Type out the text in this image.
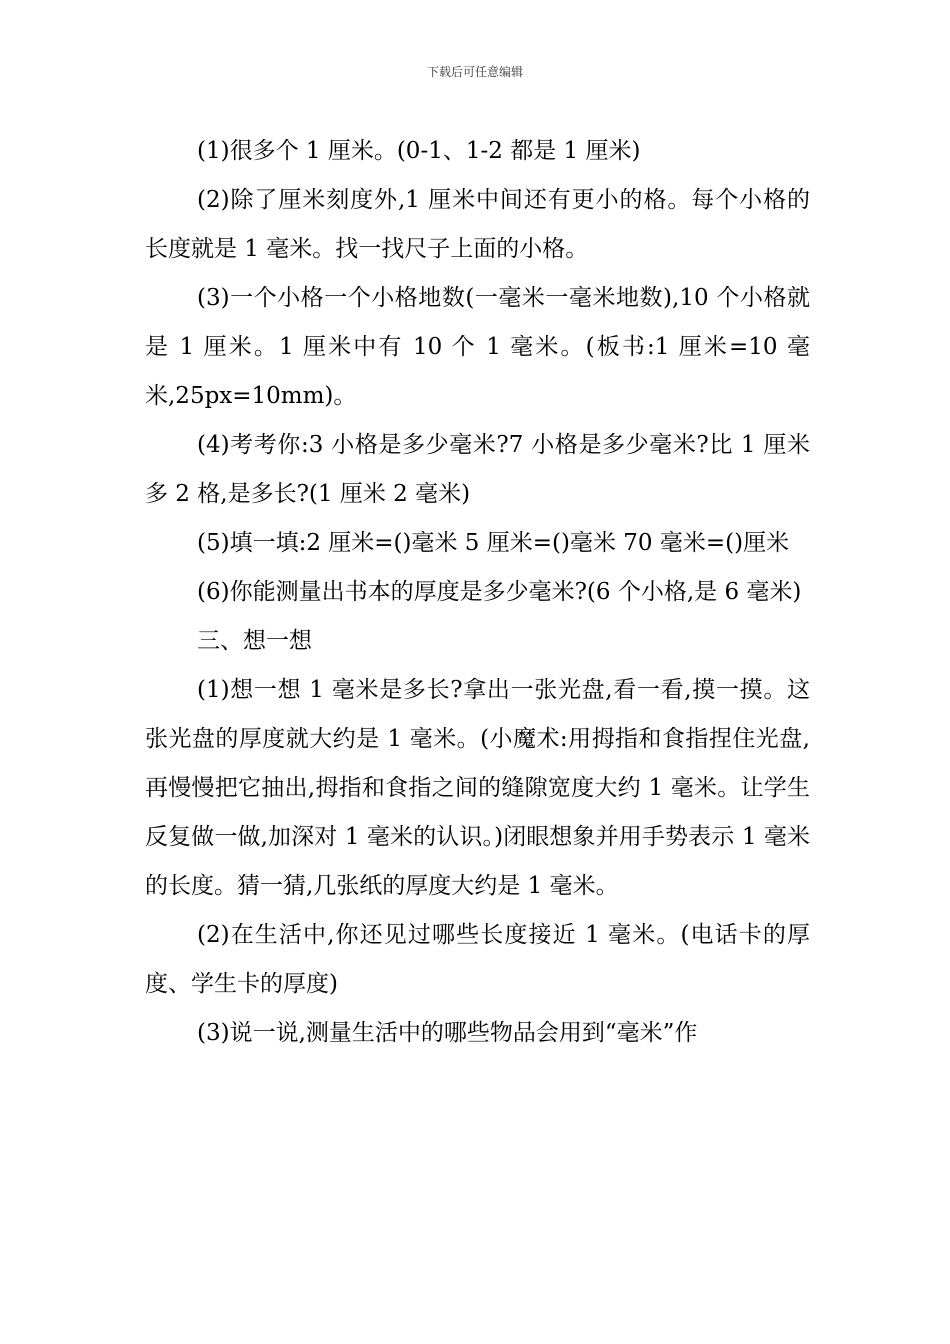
下载后可任意编辑

(1)很多个 1 厘米。(0-1、1-2 都是 1 厘米)

(2)除了厘米刻度外,1 厘米中间还有更小的格。每个小格的长度就是 1 毫米。找一找尺子上面的小格。

(3)一个小格一个小格地数(一毫米一毫米地数),10 个小格就是 1 厘米。1 厘米中有 10 个 1 毫米。(板书:1 厘米=10 毫米,25px=10mm)。

(4)考考你:3 小格是多少毫米?7 小格是多少毫米?比 1 厘米多 2 格,是多长?(1 厘米 2 毫米)

(5)填一填:2 厘米=()毫米 5 厘米=()毫米 70 毫米=()厘米

(6)你能测量出书本的厚度是多少毫米?(6 个小格,是 6 毫米)

三、想一想

(1)想一想 1 毫米是多长?拿出一张光盘,看一看,摸一摸。这张光盘的厚度就大约是 1 毫米。(小魔术:用拇指和食指捏住光盘,再慢慢把它抽出,拇指和食指之间的缝隙宽度大约 1 毫米。让学生反复做一做,加深对 1 毫米的认识。)闭眼想象并用手势表示 1 毫米的长度。猜一猜,几张纸的厚度大约是 1 毫米。

(2)在生活中,你还见过哪些长度接近 1 毫米。(电话卡的厚度、学生卡的厚度)

(3)说一说,测量生活中的哪些物品会用到“毫米”作
